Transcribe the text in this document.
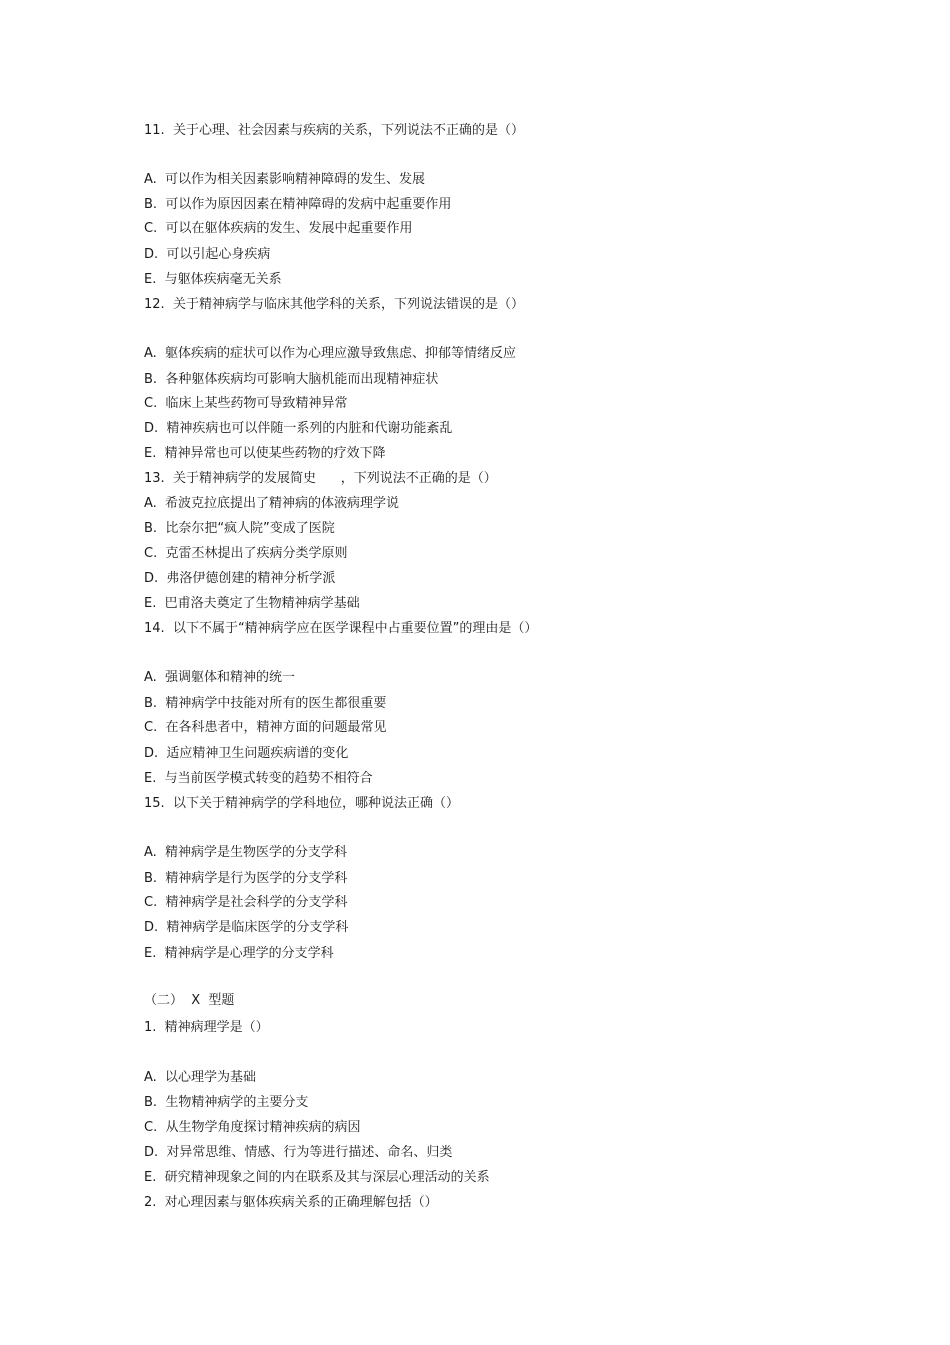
11.  关于心理、社会因素与疾病的关系，下列说法不正确的是（）
A.  可以作为相关因素影响精神障碍的发生、发展
B.  可以作为原因因素在精神障碍的发病中起重要作用
C.  可以在躯体疾病的发生、发展中起重要作用
D.  可以引起心身疾病
E.  与躯体疾病毫无关系
12.  关于精神病学与临床其他学科的关系，下列说法错误的是（）
A.  躯体疾病的症状可以作为心理应激导致焦虑、抑郁等情绪反应
B.  各种躯体疾病均可影响大脑机能而出现精神症状
C.  临床上某些药物可导致精神异常
D.  精神疾病也可以伴随一系列的内脏和代谢功能紊乱
E.  精神异常也可以使某些药物的疗效下降
13.  关于精神病学的发展简史      ，下列说法不正确的是（）
A.  希波克拉底提出了精神病的体液病理学说
B.  比奈尔把“疯人院”变成了医院
C.  克雷丕林提出了疾病分类学原则
D.  弗洛伊德创建的精神分析学派
E.  巴甫洛夫奠定了生物精神病学基础
14.  以下不属于“精神病学应在医学课程中占重要位置”的理由是（）
A.  强调躯体和精神的统一
B.  精神病学中技能对所有的医生都很重要
C.  在各科患者中，精神方面的问题最常见
D.  适应精神卫生问题疾病谱的变化
E.  与当前医学模式转变的趋势不相符合
15.  以下关于精神病学的学科地位，哪种说法正确（）
A.  精神病学是生物医学的分支学科
B.  精神病学是行为医学的分支学科
C.  精神病学是社会科学的分支学科
D.  精神病学是临床医学的分支学科
E.  精神病学是心理学的分支学科
（二）  X  型题
1.  精神病理学是（）
A.  以心理学为基础
B.  生物精神病学的主要分支
C.  从生物学角度探讨精神疾病的病因
D.  对异常思维、情感、行为等进行描述、命名、归类
E.  研究精神现象之间的内在联系及其与深层心理活动的关系
2.  对心理因素与躯体疾病关系的正确理解包括（）
